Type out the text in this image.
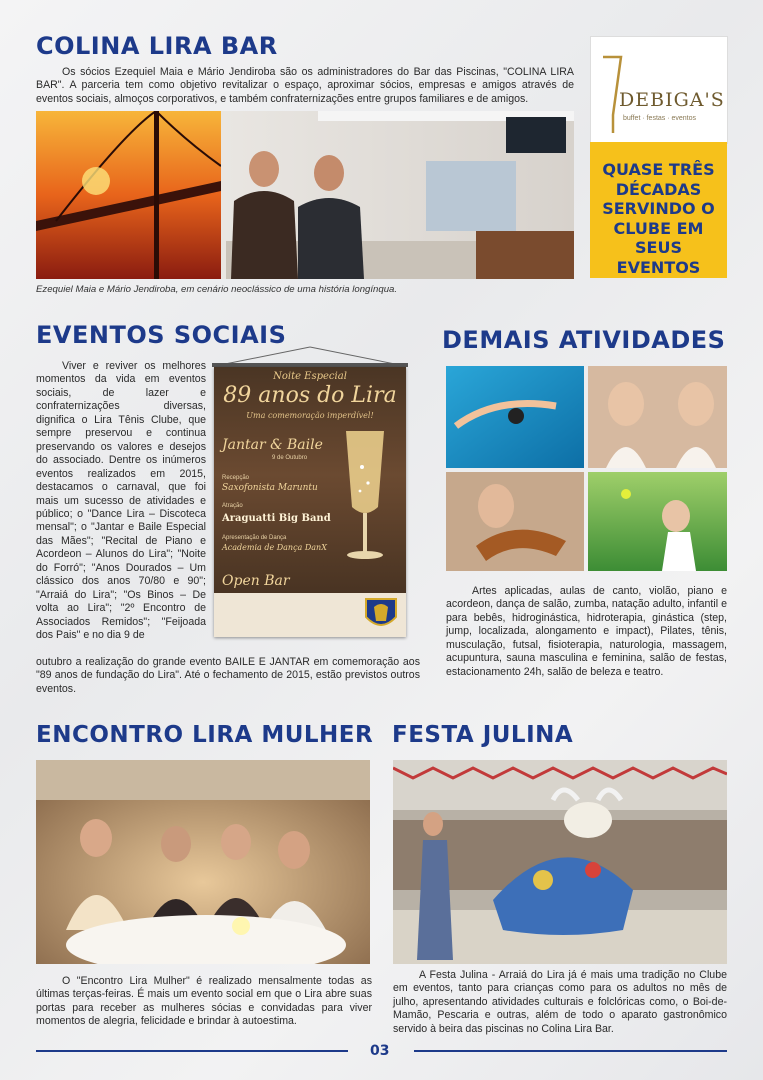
COLINA LIRA BAR
Os sócios Ezequiel Maia e Mário Jendiroba são os administradores do Bar das Piscinas, "COLINA LIRA BAR". A parceria tem como objetivo revitalizar o espaço, aproximar sócios, empresas e amigos através de eventos sociais, almoços corporativos, e também confraternizações entre grupos familiares e de amigos.
Ezequiel Maia e Mário Jendiroba, em cenário neoclássico de uma história longínqua.
DEBIGA'S
buffet · festas · eventos
QUASE TRÊS DÉCADAS SERVINDO O CLUBE EM SEUS EVENTOS
EVENTOS SOCIAIS
Viver e reviver os melhores momentos da vida em eventos sociais, de lazer e confraternizações diversas, dignifica o Lira Tênis Clube, que sempre preservou e continua preservando os valores e desejos do associado. Dentre os inúmeros eventos realizados em 2015, destacamos o carnaval, que foi mais um sucesso de atividades e público; o "Dance Lira – Discoteca mensal"; o "Jantar e Baile Especial das Mães"; "Recital de Piano e Acordeon – Alunos do Lira"; "Noite do Forró"; "Anos Dourados – Um clássico dos anos 70/80 e 90"; "Arraiá do Lira"; "Os Binos – De volta ao Lira"; "2º Encontro de Associados Remidos"; "Feijoada dos Pais" e no dia 9 de
outubro a realização do grande evento BAILE E JANTAR em comemoração aos "89 anos de fundação do Lira". Até o fechamento de 2015, estão previstos outros eventos.
Noite Especial
89 anos do Lira
Uma comemoração imperdível!
Jantar & Baile
9 de Outubro
Recepção
Saxofonista Maruntu
Atração
Araguatti Big Band
Apresentação de Dança
Academia de Dança DanX
Open Bar
DEMAIS ATIVIDADES
Artes aplicadas, aulas de canto, violão, piano e acordeon, dança de salão, zumba, natação adulto, infantil e para bebês, hidroginástica, hidroterapia, ginástica (step, jump, localizada, alongamento e impact), Pilates, tênis, musculação, futsal, fisioterapia, naturologia, massagem, acupuntura, sauna masculina e feminina, salão de festas, estacionamento 24h, salão de beleza e teatro.
ENCONTRO LIRA MULHER
O "Encontro Lira Mulher" é realizado mensalmente todas as últimas terças-feiras. É mais um evento social em que o Lira abre suas portas para receber as mulheres sócias e convidadas para viver momentos de alegria, felicidade e brindar à autoestima.
FESTA JULINA
A Festa Julina - Arraiá do Lira já é mais uma tradição no Clube em eventos, tanto para crianças como para os adultos no mês de julho, apresentando atividades culturais e folclóricas como, o Boi-de-Mamão, Pescaria e outras, além de todo o aparato gastronômico servido à beira das piscinas no Colina Lira Bar.
03
